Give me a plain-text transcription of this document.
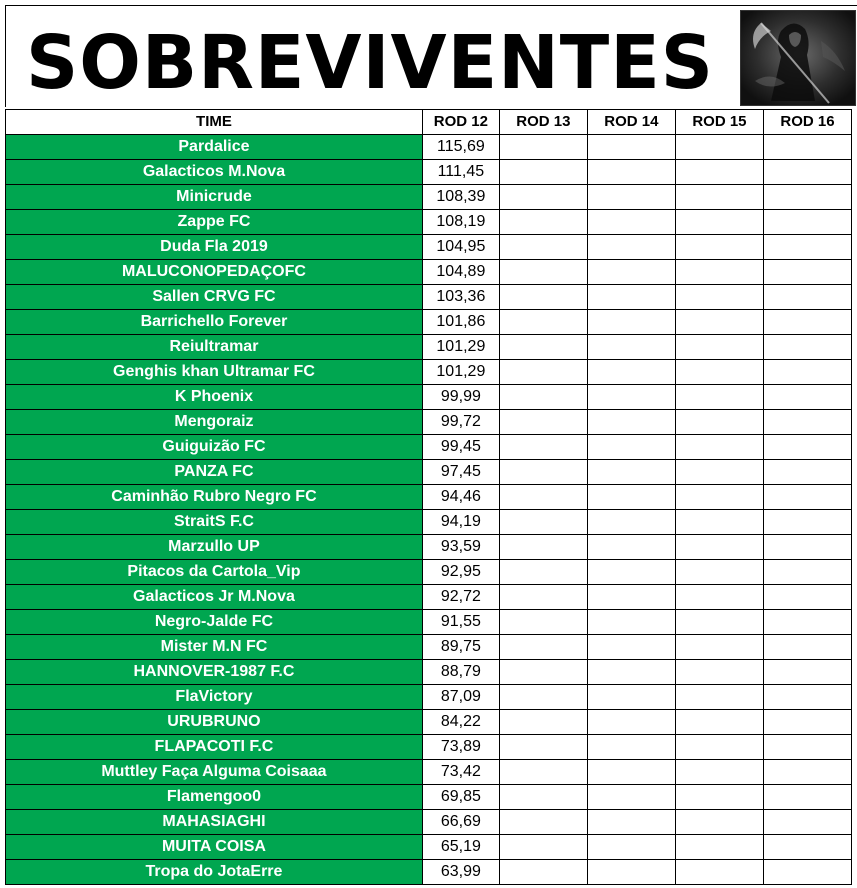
SOBREVIVENTES
TIME	ROD 12	ROD 13	ROD 14	ROD 15	ROD 16
Pardalice	115,69				
Galacticos M.Nova	111,45				
Minicrude	108,39				
Zappe FC	108,19				
Duda Fla 2019	104,95				
MALUCONOPEDAÇOFC	104,89				
Sallen CRVG FC	103,36				
Barrichello Forever	101,86				
Reiultramar	101,29				
Genghis khan Ultramar FC	101,29				
K Phoenix	99,99				
Mengoraiz	99,72				
Guiguizão FC	99,45				
PANZA FC	97,45				
Caminhão Rubro Negro FC	94,46				
StraitS F.C	94,19				
Marzullo UP	93,59				
Pitacos da Cartola_Vip	92,95				
Galacticos Jr M.Nova	92,72				
Negro-Jalde FC	91,55				
Mister M.N FC	89,75				
HANNOVER-1987 F.C	88,79				
FlaVictory	87,09				
URUBRUNO	84,22				
FLAPACOTI F.C	73,89				
Muttley Faça Alguma Coisaaa	73,42				
Flamengoo0	69,85				
MAHASIAGHI	66,69				
MUITA COISA	65,19				
Tropa do JotaErre	63,99				
